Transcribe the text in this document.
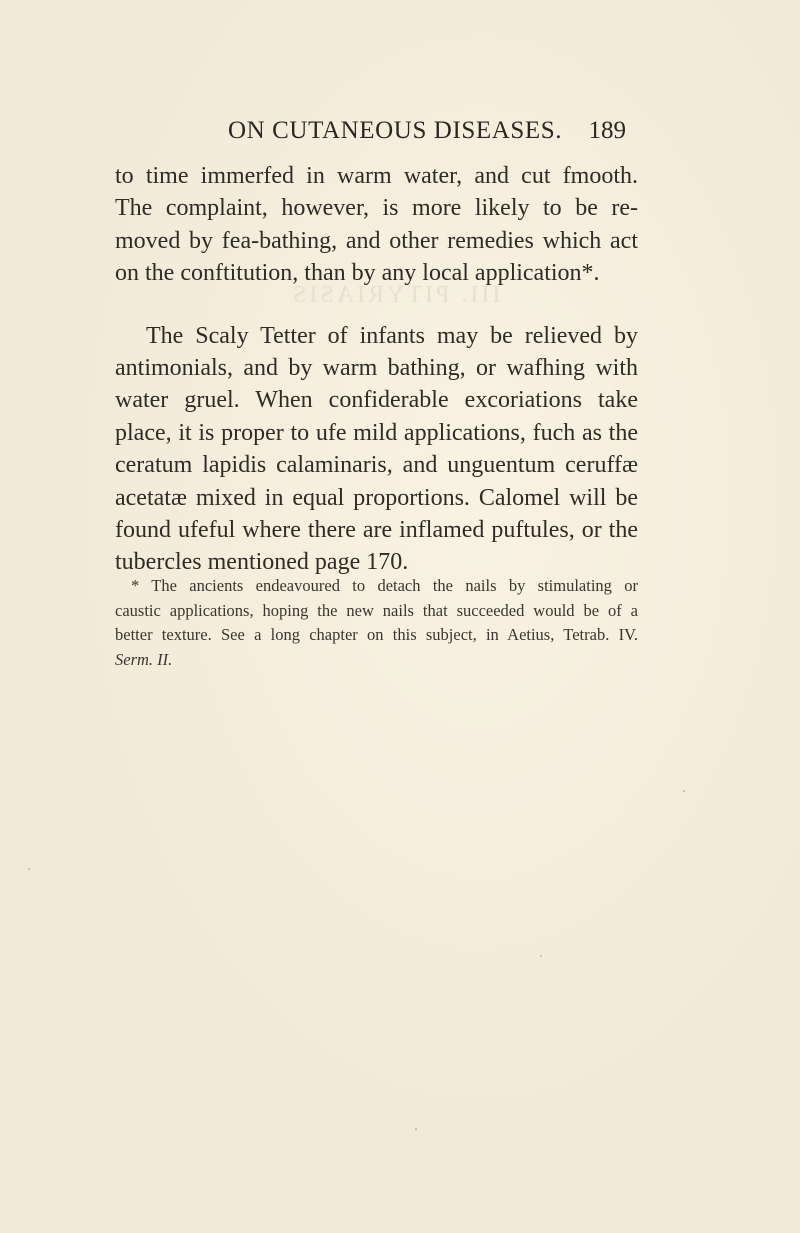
III. PITYRIASIS
ON CUTANEOUS DISEASES. 189
to time immerfed in warm water, and cut fmooth.
The complaint, however, is more likely to be re-
moved by fea-bathing, and other remedies which act
on the conftitution, than by any local application*.
The Scaly Tetter of infants may be relieved by
antimonials, and by warm bathing, or wafhing with
water gruel. When confiderable excoriations take
place, it is proper to ufe mild applications, fuch as the
ceratum lapidis calaminaris, and unguentum ceruffæ
acetatæ mixed in equal proportions. Calomel will be
found ufeful where there are inflamed puftules, or the
tubercles mentioned page 170.
* The ancients endeavoured to detach the nails by stimulating or
caustic applications, hoping the new nails that succeeded would be of a
better texture. See a long chapter on this subject, in Aetius, Tetrab. IV.
Serm. II.
